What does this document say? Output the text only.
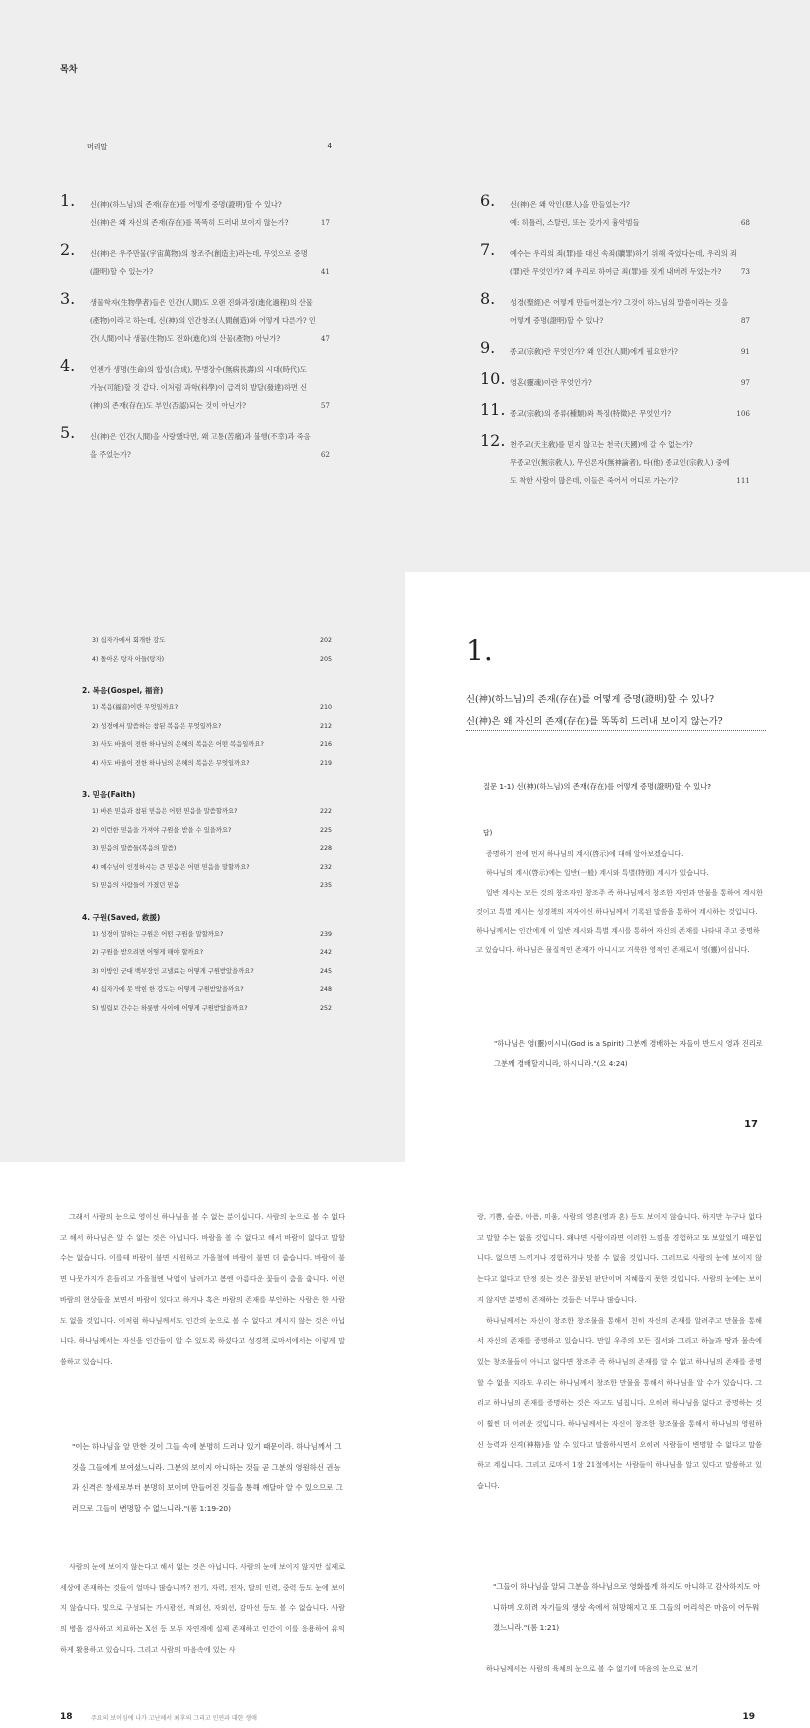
목차
머리말	4
1. 신(神)(하느님)의 존재(存在)를 어떻게 증명(證明)할 수 있나?
신(神)은 왜 자신의 존재(存在)를 똑똑히 드러내 보이지 않는가?	17
2. 신(神)은 우주만물(宇宙萬物)의 창조주(創造主)라는데, 무엇으로 증명
(證明)할 수 있는가?	41
3. 생물학자(生物學者)들은 인간(人間)도 오랜 진화과정(進化過程)의 산물
(產物)이라고 하는데, 신(神)의 인간창조(人間創造)와 어떻게 다른가? 인
간(人間)이나 생물(生物)도 진화(進化)의 산물(產物) 아닌가?	47
4. 언젠가 생명(生命)의 합성(合成), 무병장수(無病長壽)의 시대(時代)도
가능(可能)할 것 같다. 이처럼 과학(科學)이 급격히 발달(發達)하면 신
(神)의 존재(存在)도 부인(否認)되는 것이 아닌가?	57
5. 신(神)은 인간(人間)을 사랑했다면, 왜 고통(苦痛)과 불행(不幸)과 죽음
을 주었는가?	62
6. 신(神)은 왜 악인(惡人)을 만들었는가?
예: 히틀러, 스탈린, 또는 갖가지 흉악범들	68
7. 예수는 우리의 죄(罪)를 대신 속죄(贖罪)하기 위해 죽었다는데, 우리의 죄
(罪)란 무엇인가? 왜 우리로 하여금 죄(罪)를 짓게 내버려 두었는가?	73
8. 성경(聖經)은 어떻게 만들어졌는가? 그것이 하느님의 말씀이라는 것을
어떻게 증명(證明)할 수 있나?	87
9. 종교(宗敎)란 무엇인가? 왜 인간(人間)에게 필요한가?	91
10. 영혼(靈魂)이란 무엇인가?	97
11. 종교(宗敎)의 종류(種類)와 특징(特徵)은 무엇인가?	106
12. 천주교(天主敎)를 믿지 않고는 천국(天國)에 갈 수 없는가?
무종교인(無宗敎人), 무신론자(無神論者), 타(他) 종교인(宗敎人) 중에
도 착한 사람이 많은데, 이들은 죽어서 어디로 가는가?	111
3) 십자가에서 회개한 강도	202
4) 돌아온 탕자 아들(탕자)	205
2. 복음(Gospel, 福音)
1) 복음(福音)이란 무엇일까요?	210
2) 성경에서 말씀하는 참된 복음은 무엇일까요?	212
3) 사도 바울이 전한 하나님의 은혜의 복음은 어떤 복음일까요?	216
4) 사도 바울이 전한 하나님의 은혜의 복음은 무엇일까요?	219
3. 믿음(Faith)
1) 바른 믿음과 참된 믿음은 어떤 믿음을 말씀할까요?	222
2) 이런한 믿음을 가져야 구원을 받을 수 있을까요?	225
3) 믿음의 말씀들(복음의 말씀)	228
4) 예수님이 인정하시는 큰 믿음은 어떤 믿음을 말할까요?	232
5) 믿음의 사람들이 가졌던 믿음	235
4. 구원(Saved, 救援)
1) 성경이 말하는 구원은 어떤 구원을 말할까요?	239
2) 구원을 받으려면 어떻게 해야 할까요?	242
3) 이방인 군대 백부장인 고넬료는 어떻게 구원받았을까요?	245
4) 십자가에 못 박힌 한 강도는 어떻게 구원받았을까요?	248
5) 빌립보 간수는 하룻밤 사이에 어떻게 구원받았을까요?	252
1.
신(神)(하느님)의 존재(存在)를 어떻게 증명(證明)할 수 있나?
신(神)은 왜 자신의 존재(存在)를 똑똑히 드러내 보이지 않는가?
질문 1-1) 신(神)(하느님)의 존재(存在)를 어떻게 증명(證明)할 수 있나?
답)

증명하기 전에 먼저 하나님의 계시(啓示)에 대해 알아보겠습니다.

하나님의 계시(啓示)에는 일반(一般) 계시와 특별(特別) 계시가 있습니다.

일반 계시는 모든 것의 창조자인 창조주 즉 하나님께서 창조한 자연과 만물을 통하여 계시한 것이고 특별 계시는 성경책의 저자이신 하나님께서 기록된 말씀을 통하여 계시하는 것입니다. 하나님께서는 인간에게 이 일반 계시와 특별 계시를 통하여 자신의 존재를 나타내 주고 증명하고 있습니다. 하나님은 물질적인 존재가 아니시고 거룩한 영적인 존재로서 영(靈)이십니다.

"하나님은 영(靈)이시니(God is a Spirit) 그분께 경배하는 자들이 반드시 영과 진리로 그분께 경배할지니라, 하시니라."(요 4:24)
17

그래서 사람의 눈으로 영이신 하나님을 볼 수 없는 분이십니다. 사람의 눈으로 볼 수 없다고 해서 하나님은 알 수 없는 것은 아닙니다. 바람을 볼 수 없다고 해서 바람이 없다고 말할 수는 없습니다. 이를테 바람이 불면 시원하고 가을철에 바람이 불면 더 춥습니다. 바람이 불면 나뭇가지가 흔들리고 가을철엔 낙엽이 날려가고 봄엔 아름다운 꽃들이 춤을 춥니다. 이런 바람의 현상들을 보면서 바람이 있다고 하거나 혹은 바람의 존재를 부인하는 사람은 한 사람도 없을 것입니다. 이처럼 하나님께서도 인간의 눈으로 볼 수 없다고 계시지 않는 것은 아닙니다. 하나님께서는 자신을 인간들이 알 수 있도록 하셨다고 성경책 로마서에서는 이렇게 말씀하고 있습니다.

"이는 하나님을 알 만한 것이 그들 속에 분명히 드러나 있기 때문이라. 하나님께서 그것을 그들에게 보여셨느니라. 그분의 보이지 아니하는 것들 곧 그분의 영원하신 권능과 신격은 창세로부터 분명히 보이며 만들어진 것들을 통해 깨달아 알 수 있으므로 그러므로 그들이 변명할 수 없느니라."(롬 1:19-20)

사람의 눈에 보이지 않는다고 해서 없는 것은 아닙니다. 사람의 눈에 보이지 않지만 실제로 세상에 존재하는 것들이 얼마나 많습니까? 전기, 자력, 전자, 달의 인력, 중력 등도 눈에 보이지 않습니다. 빛으로 구성되는 가시광선, 적외선, 자외선, 감마선 등도 볼 수 없습니다. 사람의 병을 검사하고 치료하는 X선 등 모두 자연계에 실제 존재하고 인간이 이를 응용하여 유익하게 활용하고 있습니다. 그리고 사람의 마음속에 있는 사

18	주요의 보이심에 나가 고난해서 최후의 그리고 인연과 대한 생애

랑, 기쁨, 슬픔, 아픔, 미움, 사람의 영혼(영과 혼) 등도 보이지 않습니다. 하지만 누구나 없다고 말할 수는 없을 것입니다. 왜냐면 사람이라면 이러한 느낌을 경험하고 또 보았었기 때문입니다. 없으면 느끼거나 경험하거나 맛볼 수 없을 것입니다. 그러므로 사람의 눈에 보이지 않는다고 없다고 단정 짓는 것은 잘못된 판단이며 지혜롭지 못한 것입니다. 사람의 눈에는 보이지 않지만 분명히 존재하는 것들은 너무나 많습니다.

하나님께서는 자신이 창조한 창조물을 통해서 친히 자신의 존재를 알려주고 만물을 통해서 자신의 존재를 증명하고 있습니다. 만일 우주의 모든 질서와 그리고 하늘과 땅과 물속에 있는 창조물들이 아니고 없다면 창조주 즉 하나님의 존재를 알 수 없고 하나님의 존재를 증명할 수 없을 지라도 우리는 하나님께서 창조한 만물을 통해서 하나님을 알 수가 있습니다. 그리고 하나님의 존재를 증명하는 것은 자고도 넘칩니다. 오히려 하나님을 없다고 증명하는 것이 훨씬 더 어려운 것입니다. 하나님께서는 자신이 창조한 창조물을 통해서 하나님의 영원하신 능력과 신격(神格)을 알 수 있다고 말씀하시면서 오히려 사람들이 변명할 수 없다고 말씀하고 계십니다. 그리고 로마서 1장 21절에서는 사람들이 하나님을 알고 있다고 말씀하고 있습니다.

"그들이 하나님을 알되 그분을 하나님으로 영화롭게 하지도 아니하고 감사하지도 아니하며 오히려 자기들의 생상 속에서 허망해지고 또 그들의 어리석은 마음이 어두워졌느니라."(롬 1:21)

하나님께서는 사람의 육체의 눈으로 볼 수 없기에 마음의 눈으로 보기

19
